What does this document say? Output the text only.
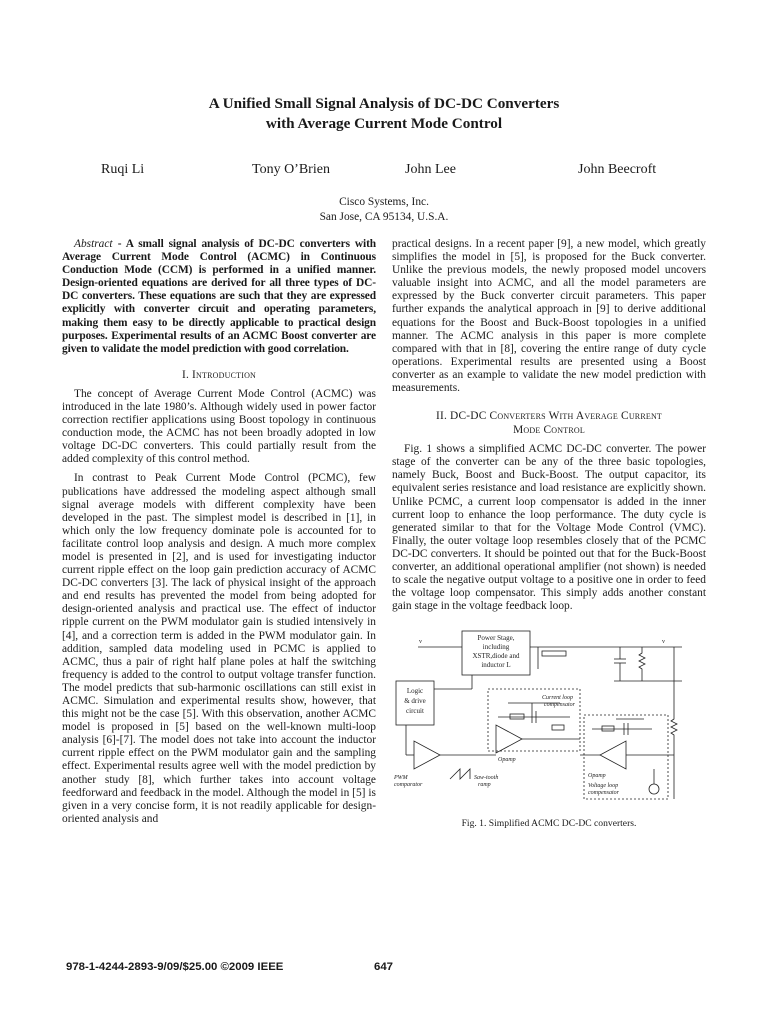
A Unified Small Signal Analysis of DC-DC Converters
with Average Current Mode Control
Ruqi Li	Tony O’Brien	John Lee	John Beecroft
Cisco Systems, Inc.
San Jose, CA 95134, U.S.A.

Abstract - A small signal analysis of DC-DC converters with Average Current Mode Control (ACMC) in Continuous Conduction Mode (CCM) is performed in a unified manner. Design-oriented equations are derived for all three types of DC-DC converters. These equations are such that they are expressed explicitly with converter circuit and operating parameters, making them easy to be directly applicable to practical design purposes. Experimental results of an ACMC Boost converter are given to validate the model prediction with good correlation.

I. Introduction

The concept of Average Current Mode Control (ACMC) was introduced in the late 1980’s. Although widely used in power factor correction rectifier applications using Boost topology in continuous conduction mode, the ACMC has not been broadly adopted in low voltage DC-DC converters. This could partially result from the added complexity of this control method.

In contrast to Peak Current Mode Control (PCMC), few publications have addressed the modeling aspect although small signal average models with different complexity have been developed in the past. The simplest model is described in [1], in which only the low frequency dominate pole is accounted for to facilitate control loop analysis and design. A much more complex model is presented in [2], and is used for investigating inductor current ripple effect on the loop gain prediction accuracy of ACMC DC-DC converters [3]. The lack of physical insight of the approach and end results has prevented the model from being adopted for design-oriented analysis and practical use. The effect of inductor ripple current on the PWM modulator gain is studied intensively in [4], and a correction term is added in the PWM modulator gain. In addition, sampled data modeling used in PCMC is applied to ACMC, thus a pair of right half plane poles at half the switching frequency is added to the control to output voltage transfer function. The model predicts that sub-harmonic oscillations can still exist in ACMC. Simulation and experimental results show, however, that this might not be the case [5]. With this observation, another ACMC model is proposed in [5] based on the well-known multi-loop analysis [6]-[7]. The model does not take into account the inductor current ripple effect on the PWM modulator gain and the sampling effect. Experimental results agree well with the model prediction by another study [8], which further takes into account voltage feedforward and feedback in the model. Although the model in [5] is given in a very concise form, it is not readily applicable for design-oriented analysis and

practical designs. In a recent paper [9], a new model, which greatly simplifies the model in [5], is proposed for the Buck converter. Unlike the previous models, the newly proposed model uncovers valuable insight into ACMC, and all the model parameters are expressed by the Buck converter circuit parameters. This paper further expands the analytical approach in [9] to derive additional equations for the Boost and Buck-Boost topologies in a unified manner. The ACMC analysis in this paper is more complete compared with that in [8], covering the entire range of duty cycle operations. Experimental results are presented using a Boost converter as an example to validate the new model prediction with measurements.

II. DC-DC Converters With Average Current
Mode Control

Fig. 1 shows a simplified ACMC DC-DC converter. The power stage of the converter can be any of the three basic topologies, namely Buck, Boost and Buck-Boost. The output capacitor, its equivalent series resistance and load resistance are explicitly shown. Unlike PCMC, a current loop compensator is added in the inner current loop to enhance the loop performance. The duty cycle is generated similar to that for the Voltage Mode Control (VMC). Finally, the outer voltage loop resembles closely that of the PCMC DC-DC converters. It should be pointed out that for the Buck-Boost converter, an additional operational amplifier (not shown) is needed to scale the negative output voltage to a positive one in order to feed the voltage loop compensator. This simply adds another constant gain stage in the voltage feedback loop.

v	Power Stage,
including
XSTR,diode and
inductor L
v
Logic
& drive
circuit
Current loop
compensator
Voltage loop
compensator
Opamp
Opamp
PWM
comparator
Saw-tooth
ramp
Fig. 1. Simplified ACMC DC-DC converters.
978-1-4244-2893-9/09/$25.00 ©2009 IEEE	647
